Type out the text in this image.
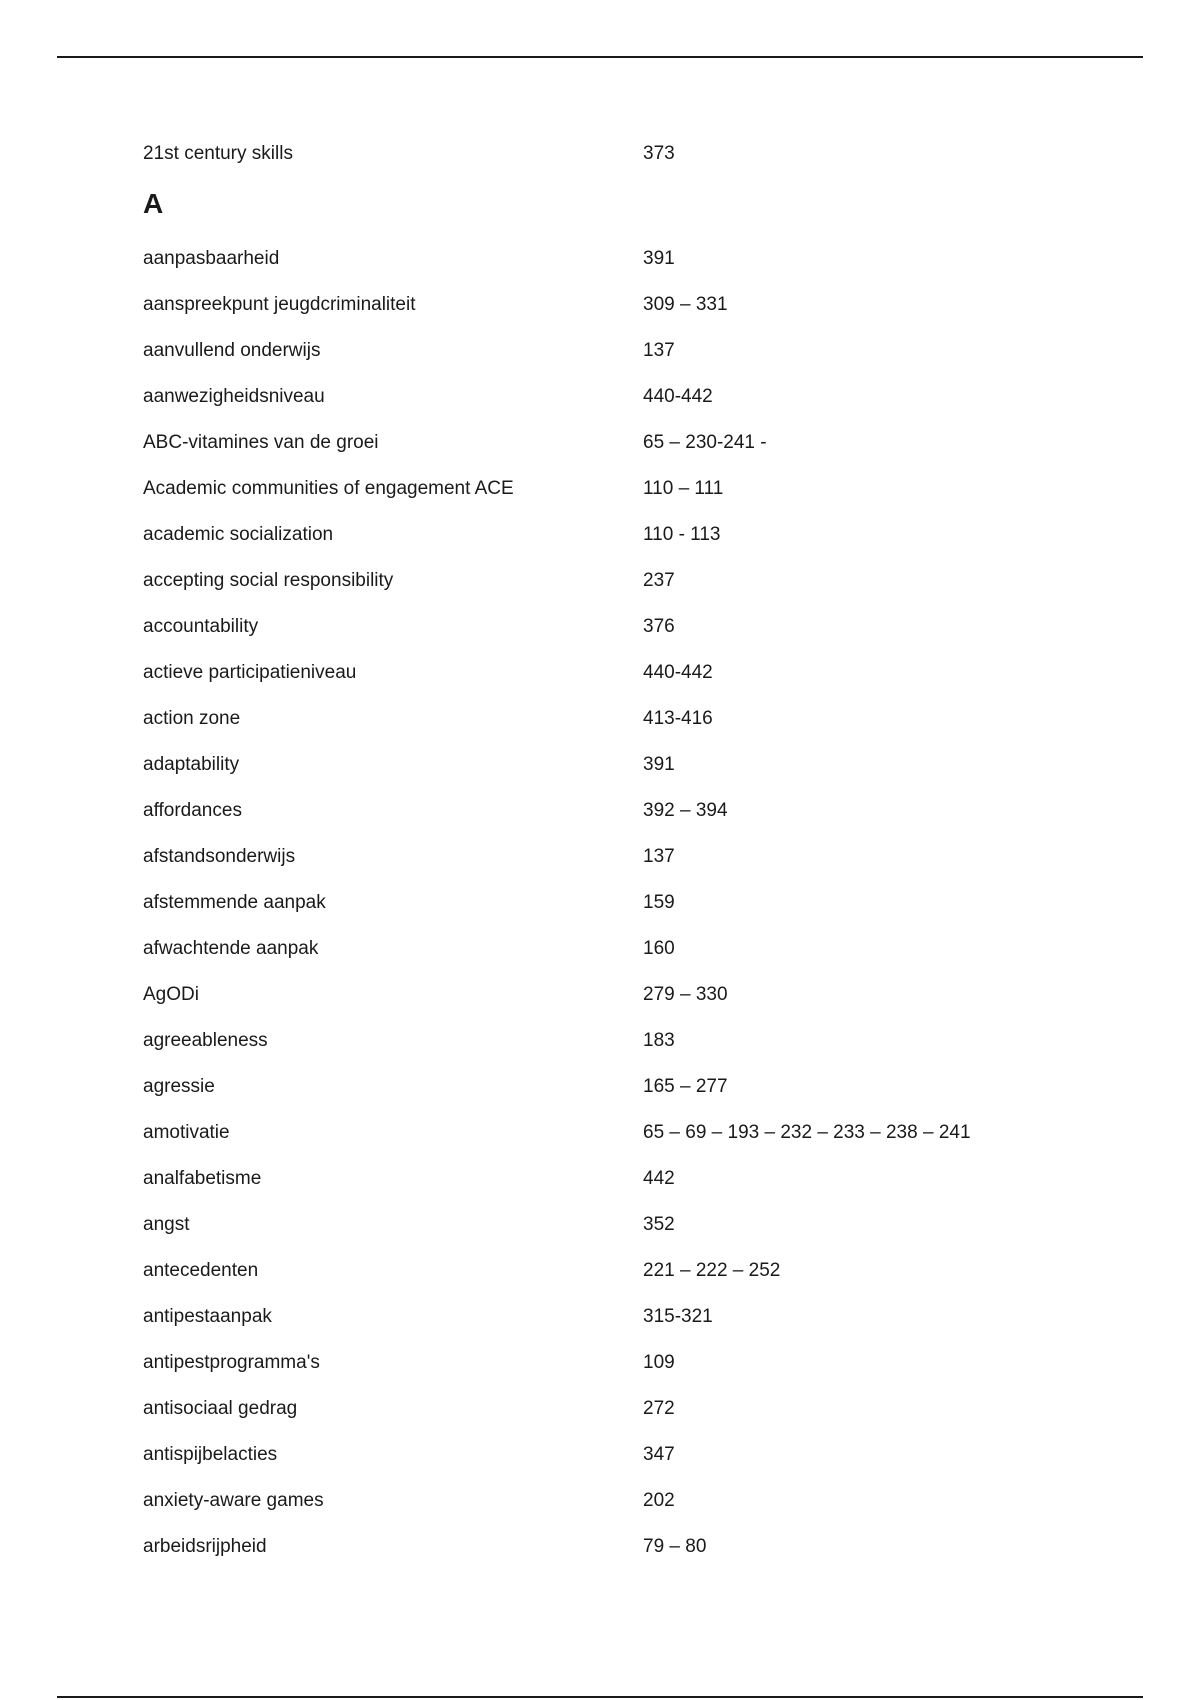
21st century skills	373
A
aanpasbaarheid	391
aanspreekpunt jeugdcriminaliteit	309 – 331
aanvullend onderwijs	137
aanwezigheidsniveau	440-442
ABC-vitamines van de groei	65 – 230-241 -
Academic communities of engagement ACE	110 – 111
academic socialization	110 - 113
accepting social responsibility	237
accountability	376
actieve participatieniveau	440-442
action zone	413-416
adaptability	391
affordances	392 – 394
afstandsonderwijs	137
afstemmende aanpak	159
afwachtende aanpak	160
AgODi	279 – 330
agreeableness	183
agressie	165 – 277
amotivatie	65 – 69 – 193 – 232 – 233 – 238 – 241
analfabetisme	442
angst	352
antecedenten	221 – 222 – 252
antipestaanpak	315-321
antipestprogramma's	109
antisociaal gedrag	272
antispijbelacties	347
anxiety-aware games	202
arbeidsrijpheid	79 – 80
